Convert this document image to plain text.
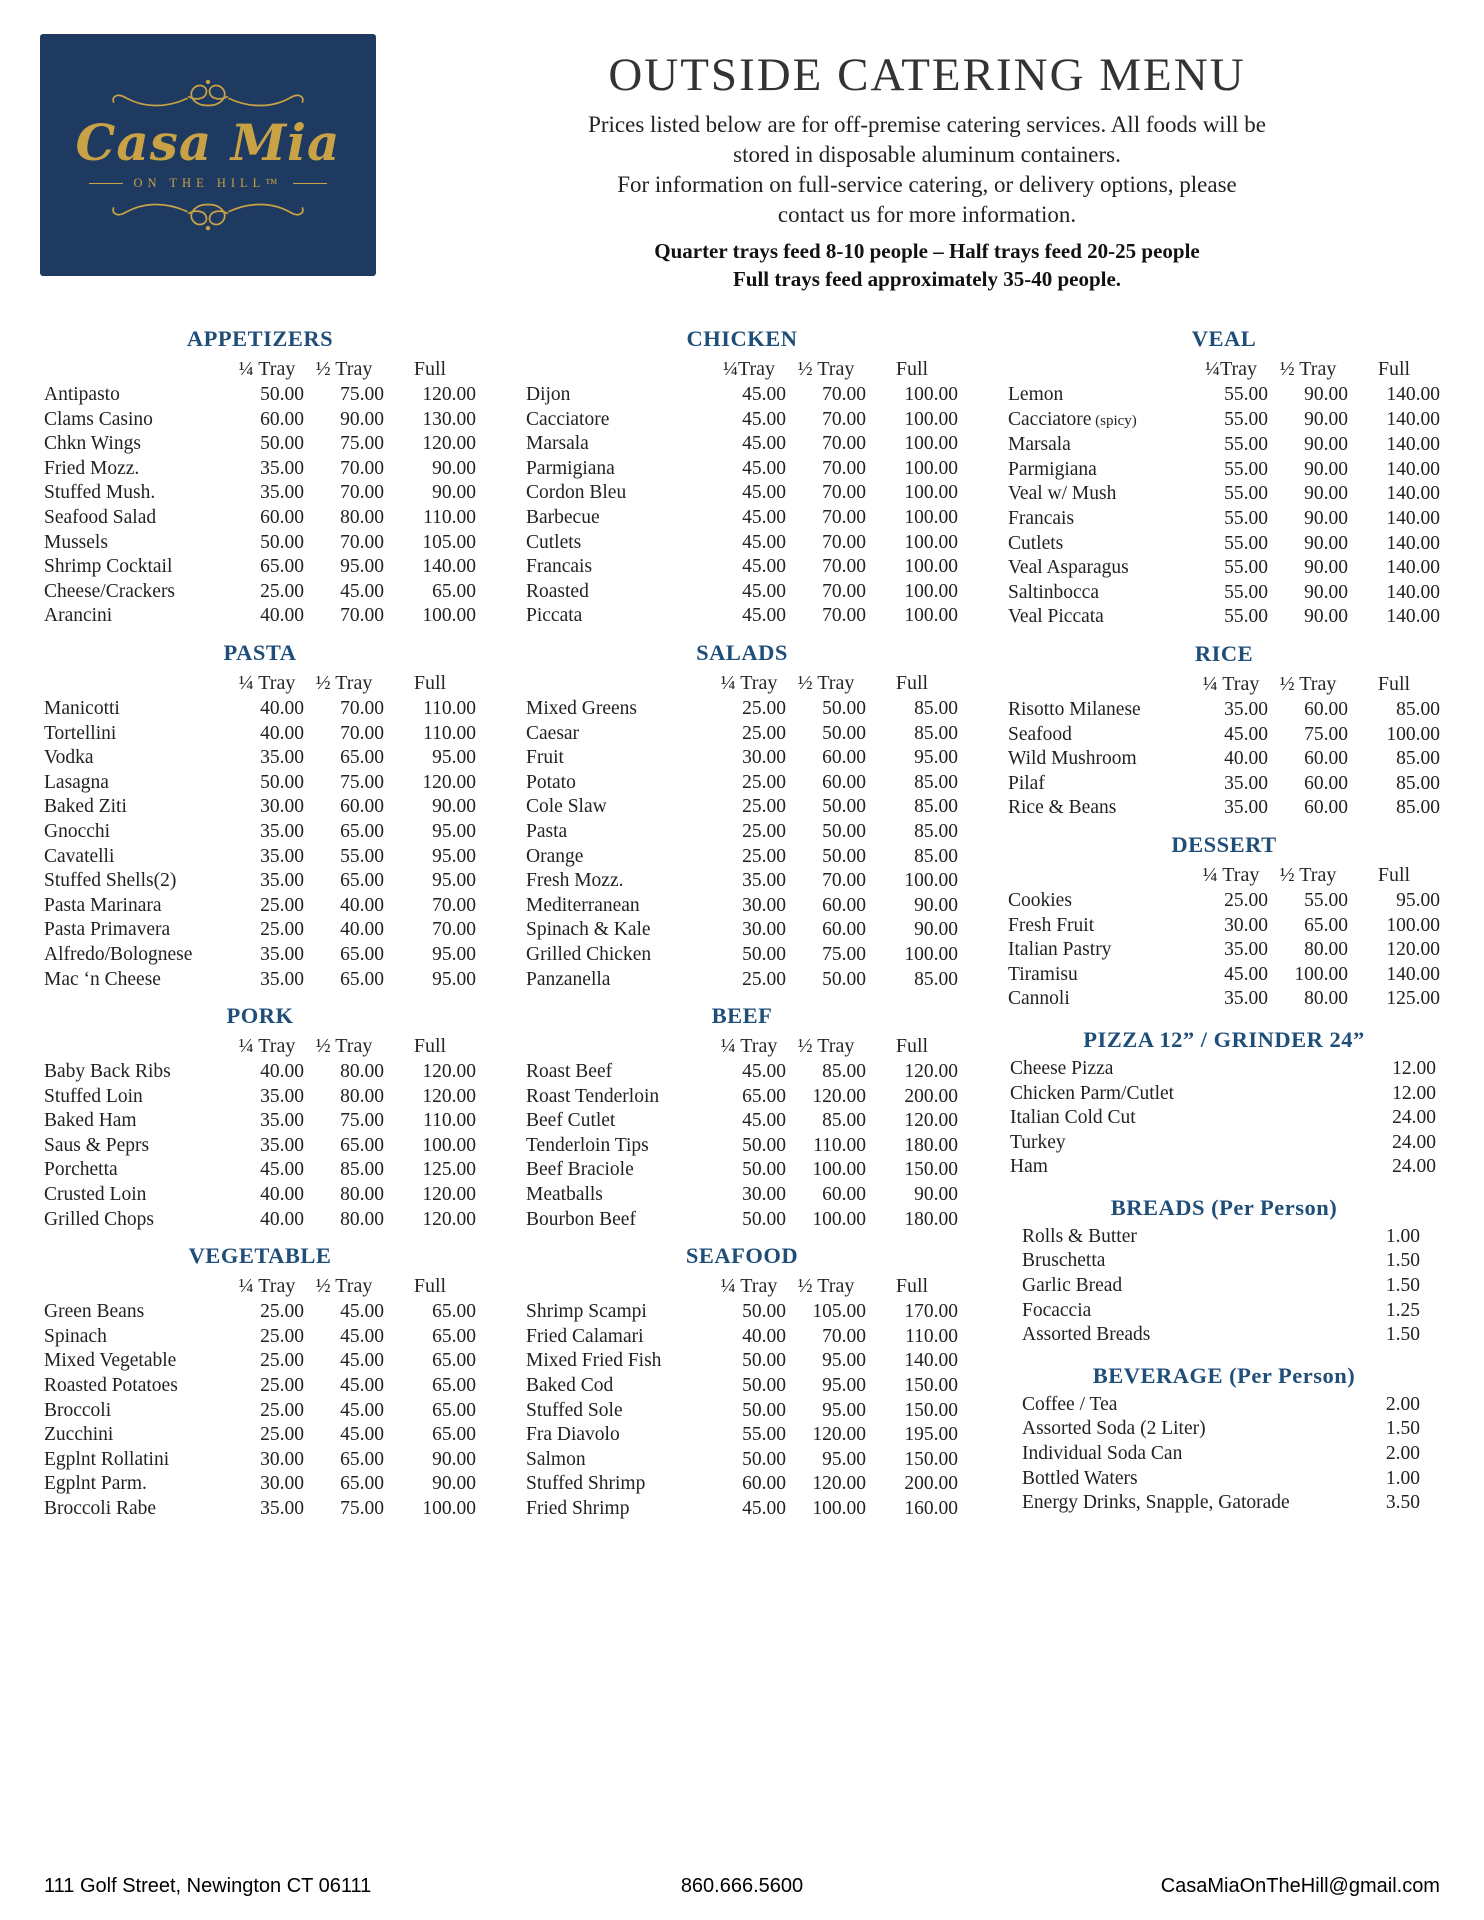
Casa Mia
ON THE HILL™
OUTSIDE CATERING MENU
Prices listed below are for off-premise catering services. All foods will be
stored in disposable aluminum containers.
For information on full-service catering, or delivery options, please
contact us for more information.
Quarter trays feed 8-10 people – Half trays feed 20-25 people
Full trays feed approximately 35-40 people.
APPETIZERS
¼ Tray	½ Tray	Full
Antipasto	50.00	75.00	120.00
Clams Casino	60.00	90.00	130.00
Chkn Wings	50.00	75.00	120.00
Fried Mozz.	35.00	70.00	90.00
Stuffed Mush.	35.00	70.00	90.00
Seafood Salad	60.00	80.00	110.00
Mussels	50.00	70.00	105.00
Shrimp Cocktail	65.00	95.00	140.00
Cheese/Crackers	25.00	45.00	65.00
Arancini	40.00	70.00	100.00
PASTA
¼ Tray	½ Tray	Full
Manicotti	40.00	70.00	110.00
Tortellini	40.00	70.00	110.00
Vodka	35.00	65.00	95.00
Lasagna	50.00	75.00	120.00
Baked Ziti	30.00	60.00	90.00
Gnocchi	35.00	65.00	95.00
Cavatelli	35.00	55.00	95.00
Stuffed Shells(2)	35.00	65.00	95.00
Pasta Marinara	25.00	40.00	70.00
Pasta Primavera	25.00	40.00	70.00
Alfredo/Bolognese	35.00	65.00	95.00
Mac ‘n Cheese	35.00	65.00	95.00
PORK
¼ Tray	½ Tray	Full
Baby Back Ribs	40.00	80.00	120.00
Stuffed Loin	35.00	80.00	120.00
Baked Ham	35.00	75.00	110.00
Saus & Peprs	35.00	65.00	100.00
Porchetta	45.00	85.00	125.00
Crusted Loin	40.00	80.00	120.00
Grilled Chops	40.00	80.00	120.00
VEGETABLE
¼ Tray	½ Tray	Full
Green Beans	25.00	45.00	65.00
Spinach	25.00	45.00	65.00
Mixed Vegetable	25.00	45.00	65.00
Roasted Potatoes	25.00	45.00	65.00
Broccoli	25.00	45.00	65.00
Zucchini	25.00	45.00	65.00
Egplnt Rollatini	30.00	65.00	90.00
Egplnt Parm.	30.00	65.00	90.00
Broccoli Rabe	35.00	75.00	100.00
CHICKEN
¼Tray	½ Tray	Full
Dijon	45.00	70.00	100.00
Cacciatore	45.00	70.00	100.00
Marsala	45.00	70.00	100.00
Parmigiana	45.00	70.00	100.00
Cordon Bleu	45.00	70.00	100.00
Barbecue	45.00	70.00	100.00
Cutlets	45.00	70.00	100.00
Francais	45.00	70.00	100.00
Roasted	45.00	70.00	100.00
Piccata	45.00	70.00	100.00
SALADS
¼ Tray	½ Tray	Full
Mixed Greens	25.00	50.00	85.00
Caesar	25.00	50.00	85.00
Fruit	30.00	60.00	95.00
Potato	25.00	60.00	85.00
Cole Slaw	25.00	50.00	85.00
Pasta	25.00	50.00	85.00
Orange	25.00	50.00	85.00
Fresh Mozz.	35.00	70.00	100.00
Mediterranean	30.00	60.00	90.00
Spinach & Kale	30.00	60.00	90.00
Grilled Chicken	50.00	75.00	100.00
Panzanella	25.00	50.00	85.00
BEEF
¼ Tray	½ Tray	Full
Roast Beef	45.00	85.00	120.00
Roast Tenderloin	65.00	120.00	200.00
Beef Cutlet	45.00	85.00	120.00
Tenderloin Tips	50.00	110.00	180.00
Beef Braciole	50.00	100.00	150.00
Meatballs	30.00	60.00	90.00
Bourbon Beef	50.00	100.00	180.00
SEAFOOD
¼ Tray	½ Tray	Full
Shrimp Scampi	50.00	105.00	170.00
Fried Calamari	40.00	70.00	110.00
Mixed Fried Fish	50.00	95.00	140.00
Baked Cod	50.00	95.00	150.00
Stuffed Sole	50.00	95.00	150.00
Fra Diavolo	55.00	120.00	195.00
Salmon	50.00	95.00	150.00
Stuffed Shrimp	60.00	120.00	200.00
Fried Shrimp	45.00	100.00	160.00
VEAL
¼Tray	½ Tray	Full
Lemon	55.00	90.00	140.00
Cacciatore (spicy)	55.00	90.00	140.00
Marsala	55.00	90.00	140.00
Parmigiana	55.00	90.00	140.00
Veal w/ Mush	55.00	90.00	140.00
Francais	55.00	90.00	140.00
Cutlets	55.00	90.00	140.00
Veal Asparagus	55.00	90.00	140.00
Saltinbocca	55.00	90.00	140.00
Veal Piccata	55.00	90.00	140.00
RICE
¼ Tray	½ Tray	Full
Risotto Milanese	35.00	60.00	85.00
Seafood	45.00	75.00	100.00
Wild Mushroom	40.00	60.00	85.00
Pilaf	35.00	60.00	85.00
Rice & Beans	35.00	60.00	85.00
DESSERT
¼ Tray	½ Tray	Full
Cookies	25.00	55.00	95.00
Fresh Fruit	30.00	65.00	100.00
Italian Pastry	35.00	80.00	120.00
Tiramisu	45.00	100.00	140.00
Cannoli	35.00	80.00	125.00
PIZZA 12” / GRINDER 24”
Cheese Pizza	12.00
Chicken Parm/Cutlet	12.00
Italian Cold Cut	24.00
Turkey	24.00
Ham	24.00
BREADS (Per Person)
Rolls & Butter	1.00
Bruschetta	1.50
Garlic Bread	1.50
Focaccia	1.25
Assorted Breads	1.50
BEVERAGE (Per Person)
Coffee / Tea	2.00
Assorted Soda (2 Liter)	1.50
Individual Soda Can	2.00
Bottled Waters	1.00
Energy Drinks, Snapple, Gatorade	3.50
111 Golf Street, Newington CT 06111	860.666.5600	CasaMiaOnTheHill@gmail.com
